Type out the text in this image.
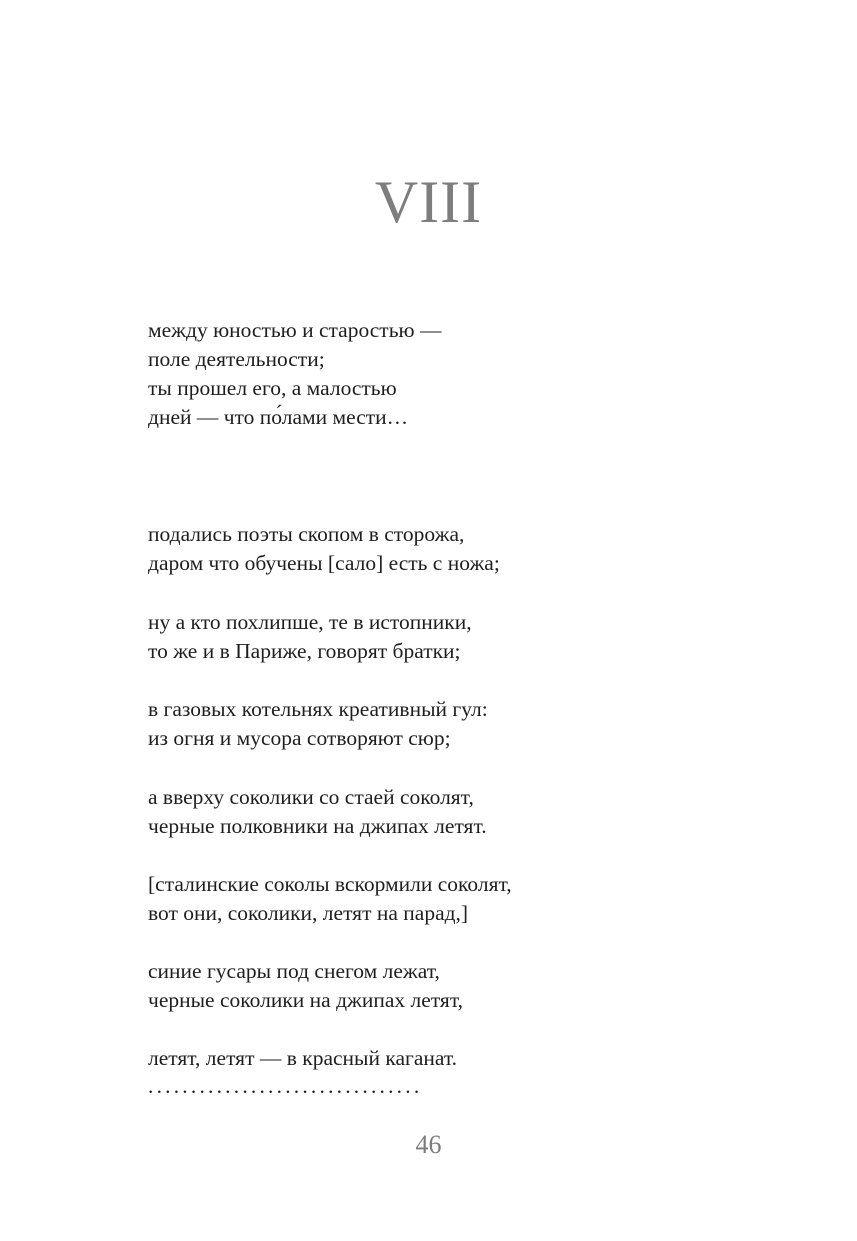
VIII
между юностью и старостью —
поле деятельности;
ты прошел его, а малостью
дней — что по́лами мести…
подались поэты скопом в сторожа,
даром что обучены [сало] есть с ножа;
ну а кто похлипше, те в истопники,
то же и в Париже, говорят братки;
в газовых котельнях креативный гул:
из огня и мусора сотворяют сюр;
а вверху соколики со стаей соколят,
черные полковники на джипах летят.
[сталинские соколы вскормили соколят,
вот они, соколики, летят на парад,]
синие гусары под снегом лежат,
черные соколики на джипах летят,
летят, летят — в красный каганат.
................................
46
